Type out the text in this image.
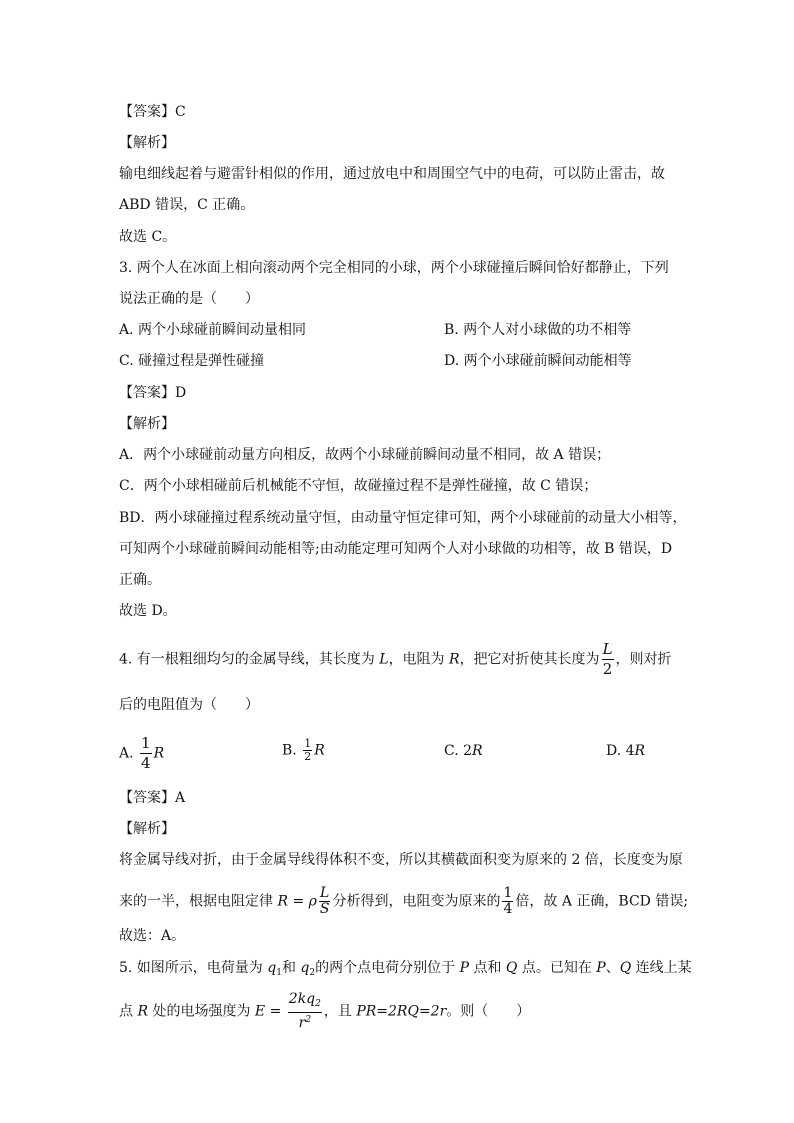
【答案】C
【解析】
输电细线起着与避雷针相似的作用，通过放电中和周围空气中的电荷，可以防止雷击，故
ABD 错误，C 正确。
故选 C。
3. 两个人在冰面上相向滚动两个完全相同的小球，两个小球碰撞后瞬间恰好都静止，下列
说法正确的是（　　）
A. 两个小球碰前瞬间动量相同	B. 两个人对小球做的功不相等
C. 碰撞过程是弹性碰撞	D. 两个小球碰前瞬间动能相等
【答案】D
【解析】
A．两个小球碰前动量方向相反，故两个小球碰前瞬间动量不相同，故 A 错误；
C．两个小球相碰前后机械能不守恒，故碰撞过程不是弹性碰撞，故 C 错误；
BD．两小球碰撞过程系统动量守恒，由动量守恒定律可知，两个小球碰前的动量大小相等，
可知两个小球碰前瞬间动能相等;由动能定理可知两个人对小球做的功相等，故 B 错误，D
正确。
故选 D。
4. 有一根粗细均匀的金属导线，其长度为 L，电阻为 R，把它对折使其长度为 $\frac{L}{2}$ ，则对折
后的电阻值为（　　）
A. $\frac{1}{4}$ R	B. $\frac{1}{2}$ R	C. 2R	D. 4R
【答案】A
【解析】
将金属导线对折，由于金属导线得体积不变，所以其横截面积变为原来的 2 倍，长度变为原
来的一半，根据电阻定律 R = ρ $\frac{L}{S}$ 分析得到，电阻变为原来的 $\frac{1}{4}$ 倍，故 A 正确，BCD 错误;
故选：A。
5. 如图所示，电荷量为 $q_1$和 $q_2$的两个点电荷分别位于 P 点和 Q 点。已知在 P、Q 连线上某
点 R 处的电场强度为 $E = \frac{2kq_2}{r^2}$ ，且 PR=2RQ=2r。则（　　）
